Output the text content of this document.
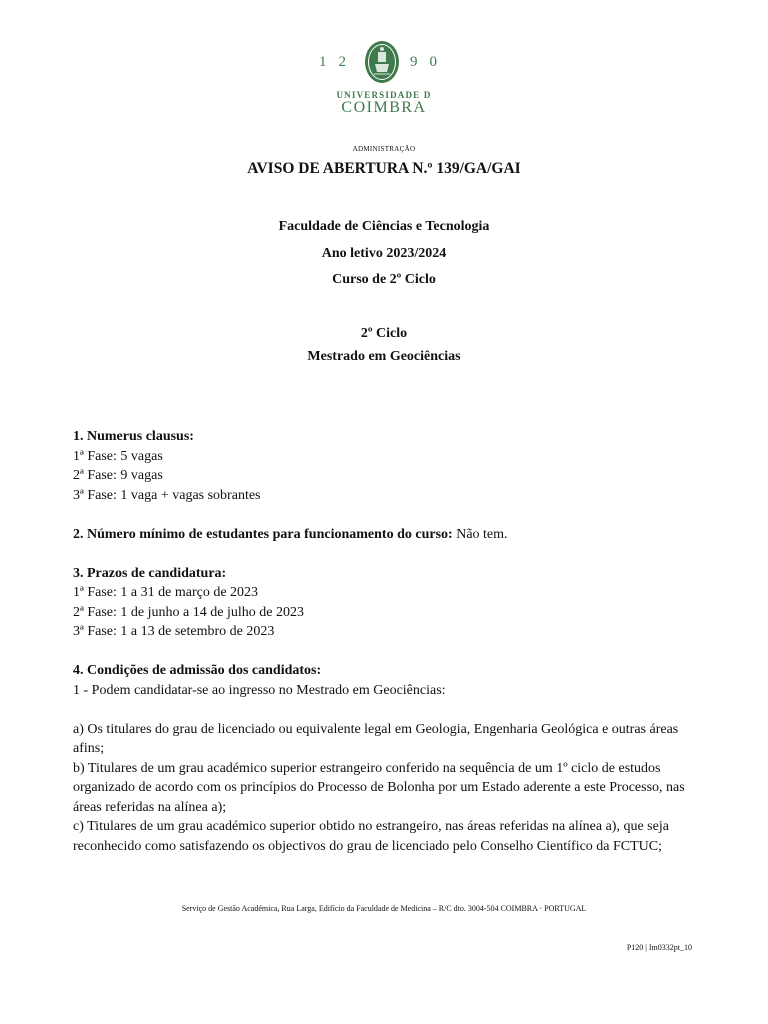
12	90
UNIVERSIDADE D
COIMBRA
ADMINISTRAÇÃO
AVISO DE ABERTURA N.º 139/GA/GAI
Faculdade de Ciências e Tecnologia
Ano letivo 2023/2024
Curso de 2º Ciclo
2º Ciclo
Mestrado em Geociências

1. Numerus clausus:

1ª Fase: 5 vagas

2ª Fase: 9 vagas

3ª Fase: 1 vaga + vagas sobrantes

2. Número mínimo de estudantes para funcionamento do curso: Não tem.

3. Prazos de candidatura:

1ª Fase: 1 a 31 de março de 2023

2ª Fase: 1 de junho a 14 de julho de 2023

3ª Fase: 1 a 13 de setembro de 2023

4. Condições de admissão dos candidatos:

1 - Podem candidatar-se ao ingresso no Mestrado em Geociências:

a) Os titulares do grau de licenciado ou equivalente legal em Geologia, Engenharia Geológica e outras áreas afins;

b) Titulares de um grau académico superior estrangeiro conferido na sequência de um 1º ciclo de estudos organizado de acordo com os princípios do Processo de Bolonha por um Estado aderente a este Processo, nas áreas referidas na alínea a);

c) Titulares de um grau académico superior obtido no estrangeiro, nas áreas referidas na alínea a), que seja reconhecido como satisfazendo os objectivos do grau de licenciado pelo Conselho Científico da FCTUC;

Serviço de Gestão Académica, Rua Larga, Edifício da Faculdade de Medicina – R/C dto. 3004-504 COIMBRA · PORTUGAL
P120 | Im0332pt_10
